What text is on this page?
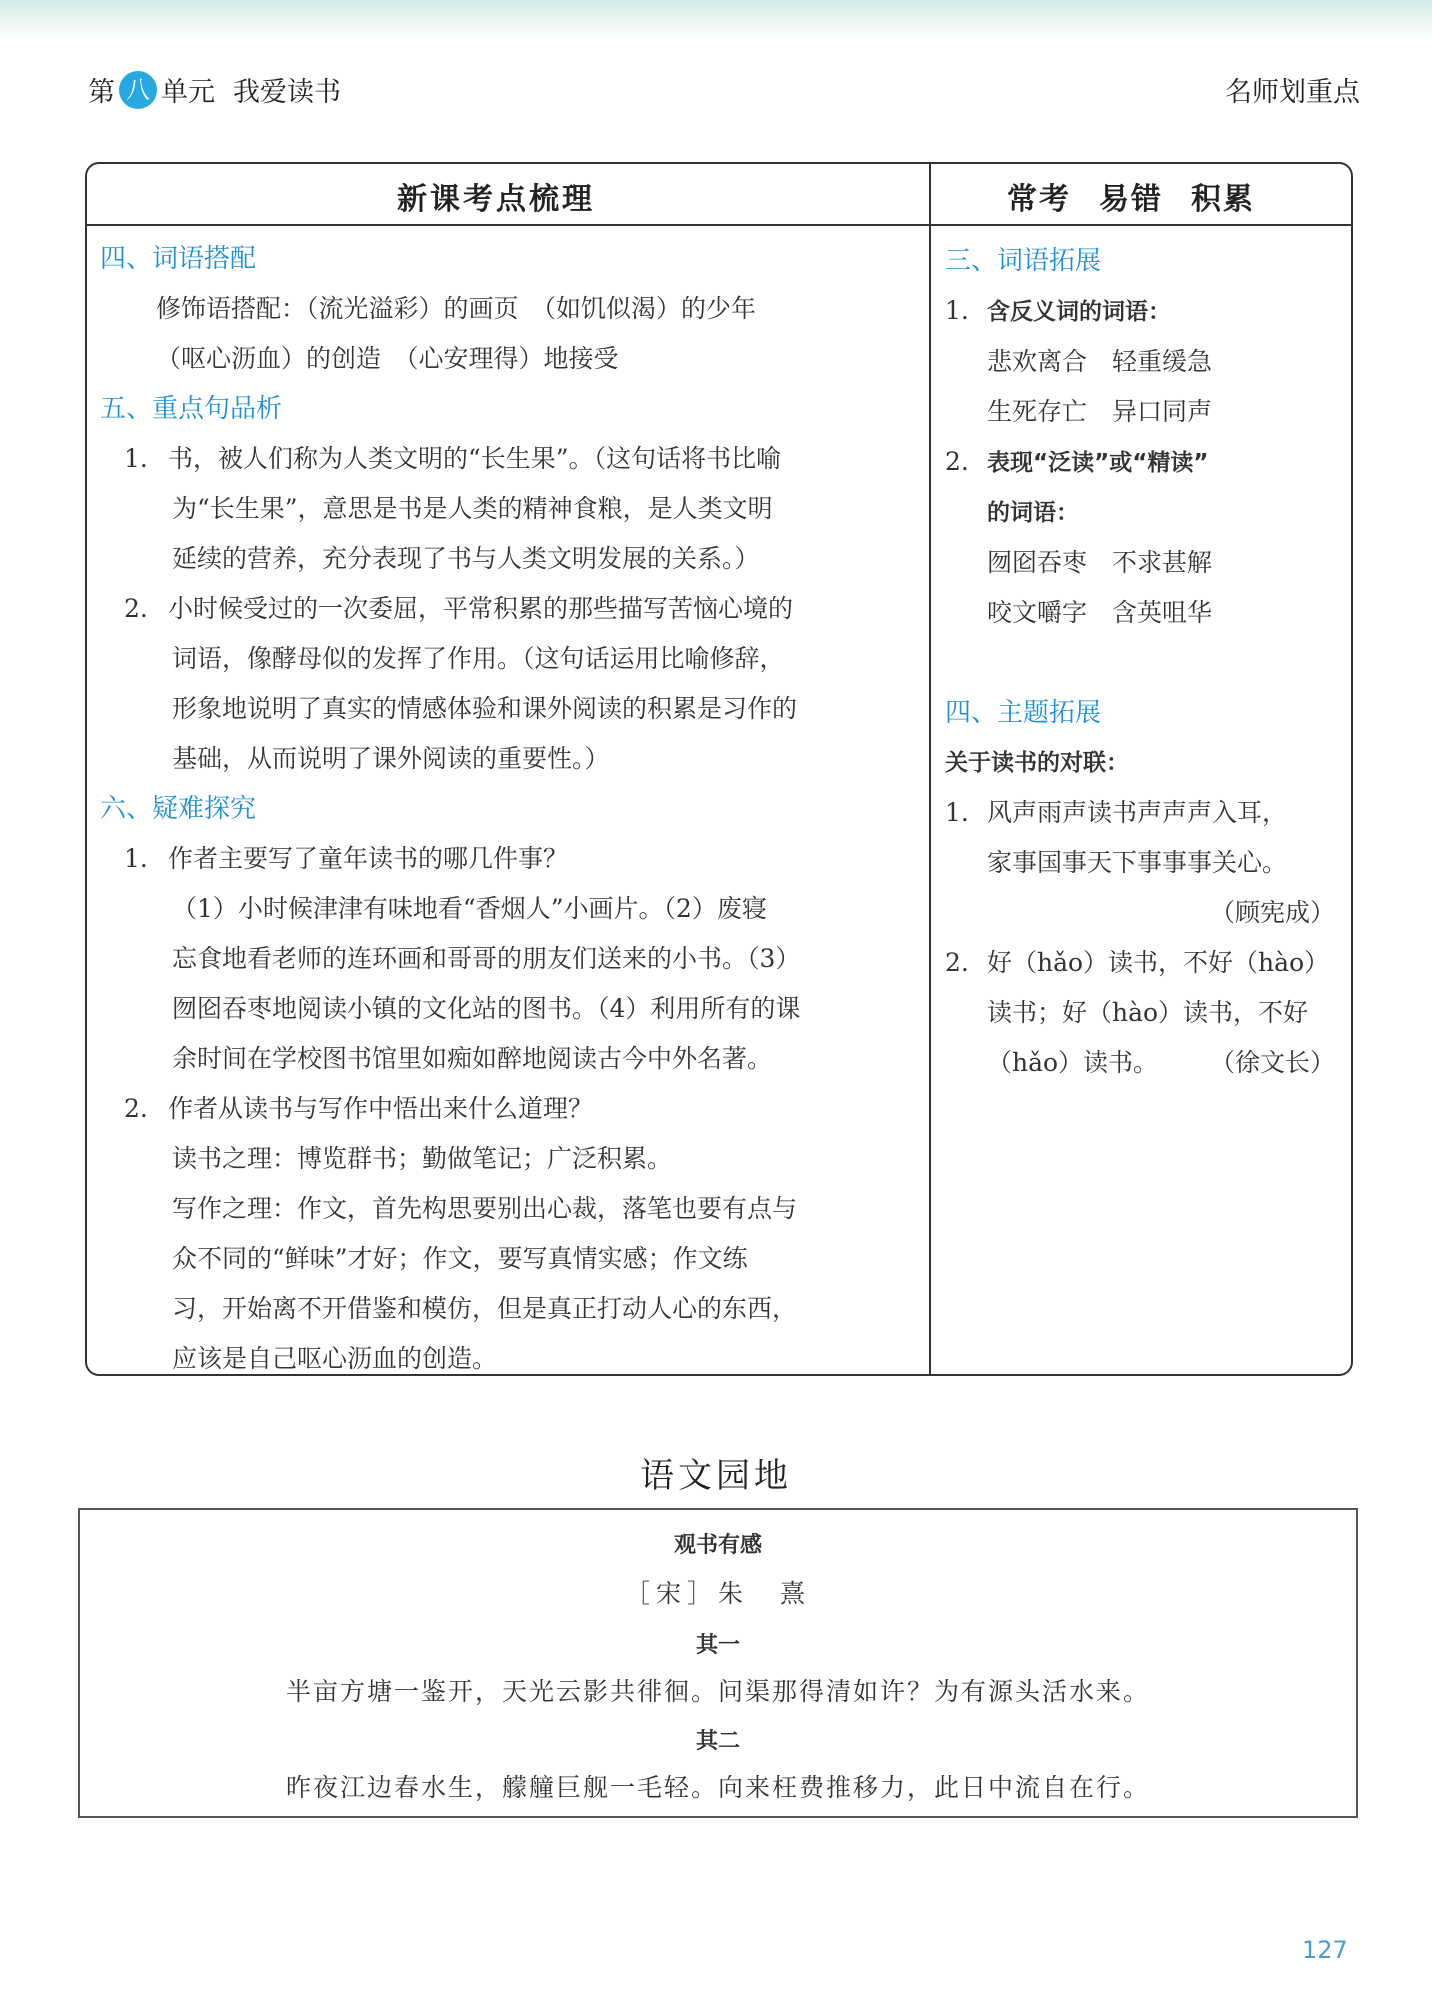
第 八 单元 我爱读书	名师划重点
新课考点梳理	常考 易错 积累
四、词语搭配
修饰语搭配：（流光溢彩）的画页　（如饥似渴）的少年
（呕心沥血）的创造　（心安理得）地接受
五、重点句品析
1. 书，被人们称为人类文明的“长生果”。（这句话将书比喻
为“长生果”，意思是书是人类的精神食粮，是人类文明
延续的营养，充分表现了书与人类文明发展的关系。）
2. 小时候受过的一次委屈，平常积累的那些描写苦恼心境的
词语，像酵母似的发挥了作用。（这句话运用比喻修辞，
形象地说明了真实的情感体验和课外阅读的积累是习作的
基础，从而说明了课外阅读的重要性。）
六、疑难探究
1. 作者主要写了童年读书的哪几件事？
（1）小时候津津有味地看“香烟人”小画片。（2）废寝
忘食地看老师的连环画和哥哥的朋友们送来的小书。（3）
囫囵吞枣地阅读小镇的文化站的图书。（4）利用所有的课
余时间在学校图书馆里如痴如醉地阅读古今中外名著。
2. 作者从读书与写作中悟出来什么道理？
读书之理：博览群书；勤做笔记；广泛积累。
写作之理：作文，首先构思要别出心裁，落笔也要有点与
众不同的“鲜味”才好；作文，要写真情实感；作文练
习，开始离不开借鉴和模仿，但是真正打动人心的东西，
应该是自己呕心沥血的创造。
三、词语拓展
1. 含反义词的词语：
悲欢离合　 轻重缓急
生死存亡　 异口同声
2. 表现“泛读”或“精读”
的词语：
囫囵吞枣　 不求甚解
咬文嚼字　 含英咀华
四、主题拓展
关于读书的对联：
1. 风声雨声读书声声声入耳，
家事国事天下事事事关心。
（顾宪成）
2. 好（hǎo）读书，不好（hào）
读书；好（hào）读书，不好
（hǎo）读书。 （徐文长）
语文园地
观书有感
［宋］朱　熹
其一
半亩方塘一鉴开，天光云影共徘徊。问渠那得清如许？为有源头活水来。
其二
昨夜江边春水生，艨艟巨舰一毛轻。向来枉费推移力，此日中流自在行。
127
